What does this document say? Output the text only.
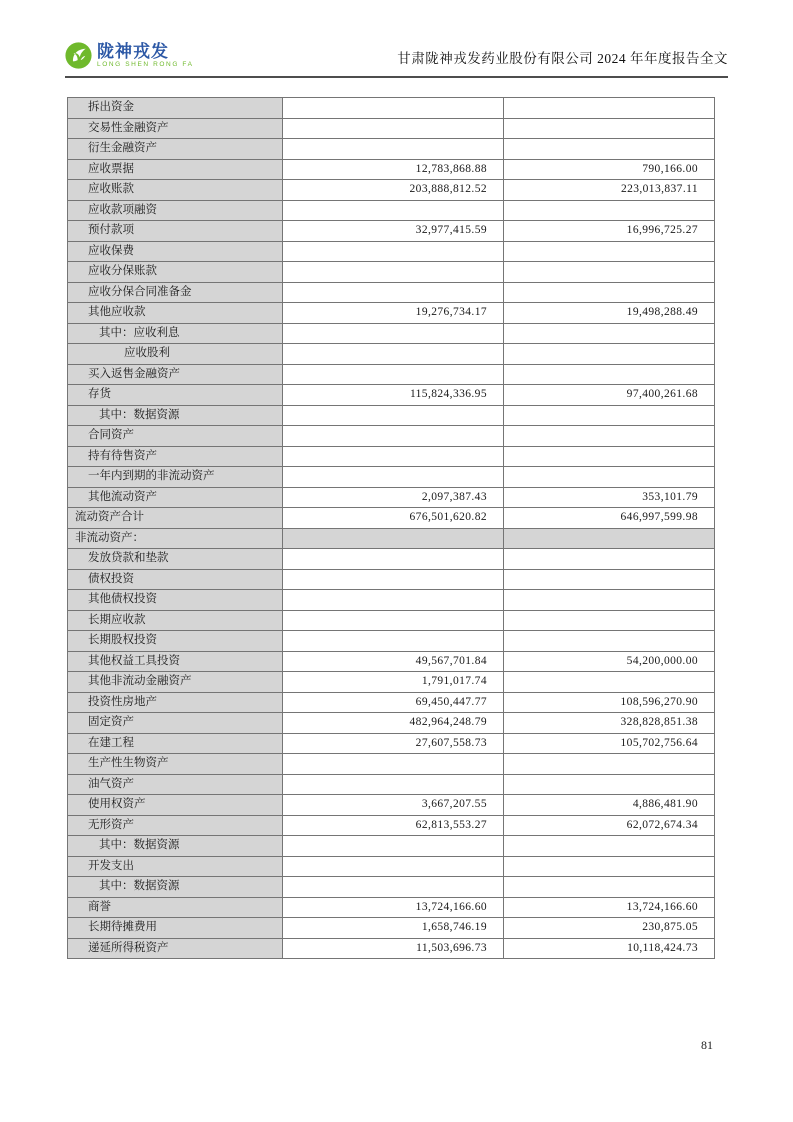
陇神戎发
LONG SHEN RONG FA	甘肃陇神戎发药业股份有限公司 2024 年年度报告全文
拆出资金		
交易性金融资产		
衍生金融资产		
应收票据	12,783,868.88	790,166.00
应收账款	203,888,812.52	223,013,837.11
应收款项融资		
预付款项	32,977,415.59	16,996,725.27
应收保费		
应收分保账款		
应收分保合同准备金		
其他应收款	19,276,734.17	19,498,288.49
其中：应收利息		
应收股利		
买入返售金融资产		
存货	115,824,336.95	97,400,261.68
其中：数据资源		
合同资产		
持有待售资产		
一年内到期的非流动资产		
其他流动资产	2,097,387.43	353,101.79
流动资产合计	676,501,620.82	646,997,599.98
非流动资产：		
发放贷款和垫款		
债权投资		
其他债权投资		
长期应收款		
长期股权投资		
其他权益工具投资	49,567,701.84	54,200,000.00
其他非流动金融资产	1,791,017.74	
投资性房地产	69,450,447.77	108,596,270.90
固定资产	482,964,248.79	328,828,851.38
在建工程	27,607,558.73	105,702,756.64
生产性生物资产		
油气资产		
使用权资产	3,667,207.55	4,886,481.90
无形资产	62,813,553.27	62,072,674.34
其中：数据资源		
开发支出		
其中：数据资源		
商誉	13,724,166.60	13,724,166.60
长期待摊费用	1,658,746.19	230,875.05
递延所得税资产	11,503,696.73	10,118,424.73
81
